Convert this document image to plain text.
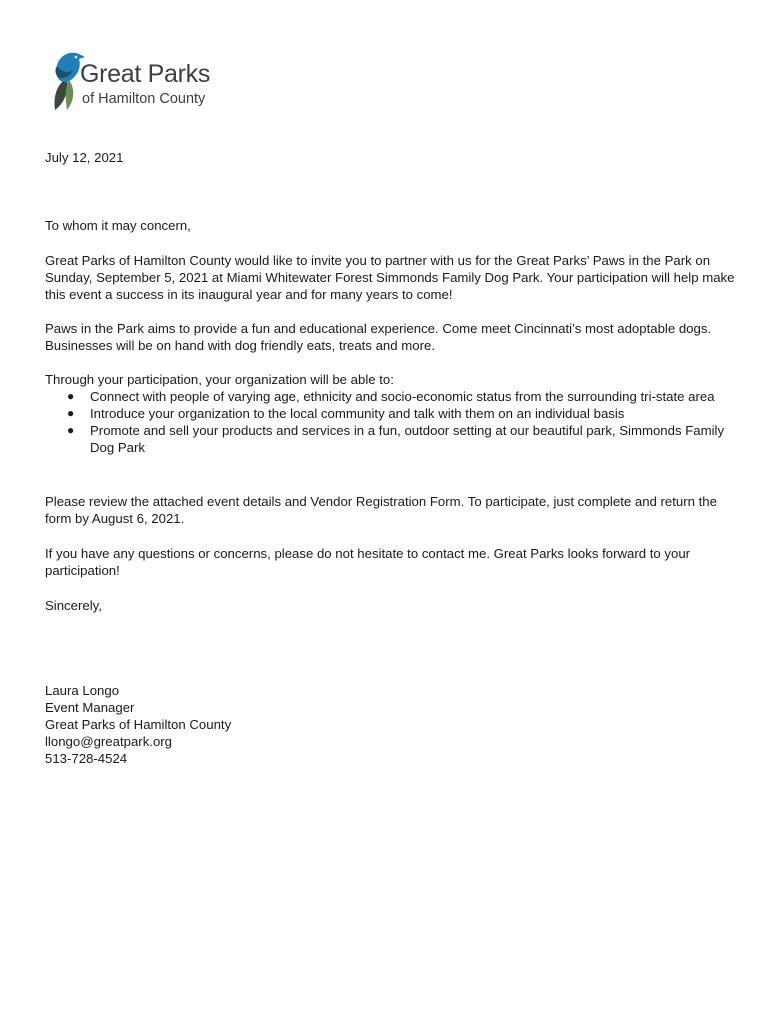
Great Parks
of Hamilton County
July 12, 2021
To whom it may concern,
Great Parks of Hamilton County would like to invite you to partner with us for the Great Parks’ Paws in the Park on Sunday, September 5, 2021 at Miami Whitewater Forest Simmonds Family Dog Park. Your participation will help make this event a success in its inaugural year and for many years to come!
Paws in the Park aims to provide a fun and educational experience. Come meet Cincinnati’s most adoptable dogs. Businesses will be on hand with dog friendly eats, treats and more.
Through your participation, your organization will be able to:
● Connect with people of varying age, ethnicity and socio-economic status from the surrounding tri-state area
● Introduce your organization to the local community and talk with them on an individual basis
● Promote and sell your products and services in a fun, outdoor setting at our beautiful park, Simmonds Family Dog Park
Please review the attached event details and Vendor Registration Form. To participate, just complete and return the form by August 6, 2021.
If you have any questions or concerns, please do not hesitate to contact me. Great Parks looks forward to your participation!
Sincerely,
Laura Longo
Event Manager
Great Parks of Hamilton County
llongo@greatpark.org
513-728-4524
